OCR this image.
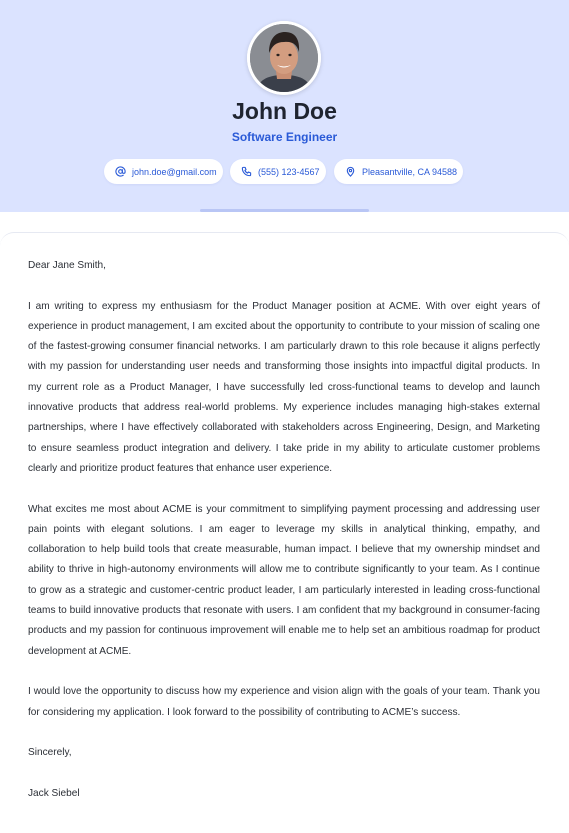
John Doe
Software Engineer
john.doe@gmail.com	(555) 123-4567	Pleasantville, CA 94588

Dear Jane Smith,

I am writing to express my enthusiasm for the Product Manager position at ACME. With over eight years of experience in product management, I am excited about the opportunity to contribute to your mission of scaling one of the fastest-growing consumer financial networks. I am particularly drawn to this role because it aligns perfectly with my passion for understanding user needs and transforming those insights into impactful digital products. In my current role as a Product Manager, I have successfully led cross-functional teams to develop and launch innovative products that address real-world problems. My experience includes managing high-stakes external partnerships, where I have effectively collaborated with stakeholders across Engineering, Design, and Marketing to ensure seamless product integration and delivery. I take pride in my ability to articulate customer problems clearly and prioritize product features that enhance user experience.

What excites me most about ACME is your commitment to simplifying payment processing and addressing user pain points with elegant solutions. I am eager to leverage my skills in analytical thinking, empathy, and collaboration to help build tools that create measurable, human impact. I believe that my ownership mindset and ability to thrive in high-autonomy environments will allow me to contribute significantly to your team. As I continue to grow as a strategic and customer-centric product leader, I am particularly interested in leading cross-functional teams to build innovative products that resonate with users. I am confident that my background in consumer-facing products and my passion for continuous improvement will enable me to help set an ambitious roadmap for product development at ACME.

I would love the opportunity to discuss how my experience and vision align with the goals of your team. Thank you for considering my application. I look forward to the possibility of contributing to ACME’s success.

Sincerely,

Jack Siebel
